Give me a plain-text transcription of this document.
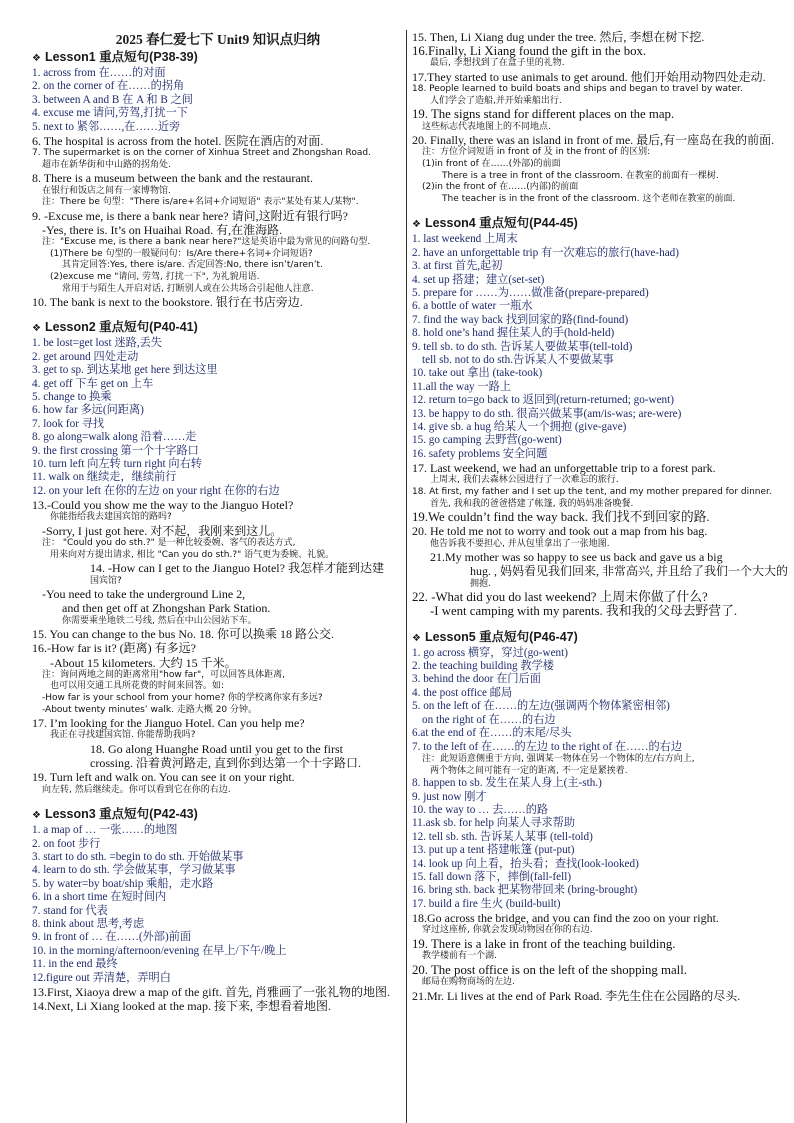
2025 春仁爱七下 Unit9 知识点归纳
❖ Lesson1 重点短句(P38-39)
1. across from 在……的对面
2. on the corner of 在……的拐角
3. between A and B 在 A 和 B 之间
4. excuse me 请问,劳驾,打扰一下
5. next to 紧邻……,在……近旁
6. The hospital is across from the hotel. 医院在酒店的对面.
7. The supermarket is on the corner of Xinhua Street and Zhongshan Road.
超市在新华街和中山路的拐角处.
8. There is a museum between the bank and the restaurant.
在银行和饭店之间有一家博物馆.
注：There be 句型："There is/are+名词+介词短语" 表示"某处有某人/某物".
9. -Excuse me, is there a bank near here? 请问,这附近有银行吗?
-Yes, there is. It’s on Huaihai Road. 有,在淮海路.
注："Excuse me, is there a bank near here?"这是英语中最为常见的问路句型.
(1)There be 句型的一般疑问句：Is/Are there+名词+介词短语?
其肯定回答:Yes, there is/are. 否定回答:No, there isn’t/aren’t.
(2)excuse me "请问, 劳驾, 打扰一下", 为礼貌用语.
常用于与陌生人开启对话, 打断别人或在公共场合引起他人注意.
10. The bank is next to the bookstore. 银行在书店旁边.
❖ Lesson2 重点短句(P40-41)
1. be lost=get lost 迷路,丢失
2. get around 四处走动
3. get to sp. 到达某地 get here 到达这里
4. get off 下车 get on 上车
5. change to 换乘
6. how far 多远(问距离)
7. look for 寻找
8. go along=walk along 沿着……走
9. the first crossing 第一个十字路口
10. turn left 向左转 turn right 向右转
11. walk on 继续走，继续前行
12. on your left 在你的左边 on your right 在你的右边
13.-Could you show me the way to the Jianguo Hotel?
你能指给我去建国宾馆的路吗?
-Sorry, I just got here. 对不起，我刚来到这儿。
注： "Could you do sth.?" 是一种比较委婉、客气的表达方式,
用来向对方提出请求, 相比 "Can you do sth.?" 语气更为委婉、礼貌。
14. -How can I get to the Jianguo Hotel? 我怎样才能到达建
国宾馆?
-You need to take the underground Line 2,
and then get off at Zhongshan Park Station.
你需要乘坐地铁二号线, 然后在中山公园站下车。
15. You can change to the bus No. 18. 你可以换乘 18 路公交.
16.-How far is it? (距离) 有多远?
-About 15 kilometers. 大约 15 千米。
注：询问两地之间的距离常用"how far"，可以回答具体距离,
也可以用交通工具所花费的时间来回答。如:
-How far is your school from your home? 你的学校离你家有多远?
-About twenty minutes’ walk. 走路大概 20 分钟。
17. I’m looking for the Jianguo Hotel. Can you help me?
我正在寻找建国宾馆. 你能帮助我吗?
18. Go along Huanghe Road until you get to the first
crossing. 沿着黄河路走, 直到你到达第一个十字路口.
19. Turn left and walk on. You can see it on your right.
向左转, 然后继续走。你可以看到它在你的右边.
❖ Lesson3 重点短句(P42-43)
1. a map of … 一张……的地图
2. on foot 步行
3. start to do sth. =begin to do sth. 开始做某事
4. learn to do sth. 学会做某事，学习做某事
5. by water=by boat/ship 乘船，走水路
6. in a short time 在短时间内
7. stand for 代表
8. think about 思考,考虑
9. in front of … 在……(外部)前面
10. in the morning/afternoon/evening 在早上/下午/晚上
11. in the end 最终
12.figure out 弄清楚，弄明白
13.First, Xiaoya drew a map of the gift. 首先, 肖雅画了一张礼物的地图.
14.Next, Li Xiang looked at the map. 接下来, 李想看着地图.
15. Then, Li Xiang dug under the tree. 然后, 李想在树下挖.
16.Finally, Li Xiang found the gift in the box.
最后, 李想找到了在盒子里的礼物.
17.They started to use animals to get around. 他们开始用动物四处走动.
18. People learned to build boats and ships and began to travel by water.
人们学会了造船,并开始乘船出行.
19. The signs stand for different places on the map.
这些标志代表地图上的不同地点.
20. Finally, there was an island in front of me. 最后,有一座岛在我的前面.
注：方位介词短语 in front of 及 in the front of 的区别:
(1)in front of 在……(外部)的前面
There is a tree in front of the classroom. 在教室的前面有一棵树.
(2)in the front of 在……(内部)的前面
The teacher is in the front of the classroom. 这个老师在教室的前面.
❖ Lesson4 重点短句(P44-45)
1. last weekend 上周末
2. have an unforgettable trip 有一次难忘的旅行(have-had)
3. at first 首先,起初
4. set up 搭建；建立(set-set)
5. prepare for ……为……做准备(prepare-prepared)
6. a bottle of water 一瓶水
7. find the way back 找到回家的路(find-found)
8. hold one’s hand 握住某人的手(hold-held)
9. tell sb. to do sth. 告诉某人要做某事(tell-told)
tell sb. not to do sth.告诉某人不要做某事
10. take out 拿出 (take-took)
11.all the way 一路上
12. return to=go back to 返回到(return-returned; go-went)
13. be happy to do sth. 很高兴做某事(am/is-was; are-were)
14. give sb. a hug 给某人一个拥抱 (give-gave)
15. go camping 去野营(go-went)
16. safety problems 安全问题
17. Last weekend, we had an unforgettable trip to a forest park.
上周末, 我们去森林公园进行了一次难忘的旅行.
18. At first, my father and I set up the tent, and my mother prepared for dinner.
首先, 我和我的爸爸搭建了帐篷, 我的妈妈准备晚餐.
19.We couldn’t find the way back. 我们找不到回家的路.
20. He told me not to worry and took out a map from his bag.
他告诉我不要担心, 并从包里拿出了一张地图.
21.My mother was so happy to see us back and gave us a big
hug. , 妈妈看见我们回来, 非常高兴, 并且给了我们一个大大的
拥抱.
22. -What did you do last weekend? 上周末你做了什么?
-I went camping with my parents. 我和我的父母去野营了.
❖ Lesson5 重点短句(P46-47)
1. go across 横穿，穿过(go-went)
2. the teaching building 教学楼
3. behind the door 在门后面
4. the post office 邮局
5. on the left of 在……的左边(强调两个物体紧密相邻)
on the right of 在……的右边
6.at the end of 在……的末尾/尽头
7. to the left of 在……的左边 to the right of 在……的右边
注：此短语意侧重于方向, 强调某一物体在另一个物体的左/右方向上,
两个物体之间可能有一定的距离, 不一定是紧挨着.
8. happen to sb. 发生在某人身上(主-sth.)
9. just now 刚才
10. the way to … 去……的路
11.ask sb. for help 向某人寻求帮助
12. tell sb. sth. 告诉某人某事 (tell-told)
13. put up a tent 搭建帐篷 (put-put)
14. look up 向上看，抬头看；查找(look-looked)
15. fall down 落下，摔倒(fall-fell)
16. bring sth. back 把某物带回来 (bring-brought)
17. build a fire 生火 (build-built)
18.Go across the bridge, and you can find the zoo on your right.
穿过这座桥, 你就会发现动物园在你的右边.
19. There is a lake in front of the teaching building.
教学楼前有一个湖.
20. The post office is on the left of the shopping mall.
邮局在购物商场的左边.
21.Mr. Li lives at the end of Park Road. 李先生住在公园路的尽头.
